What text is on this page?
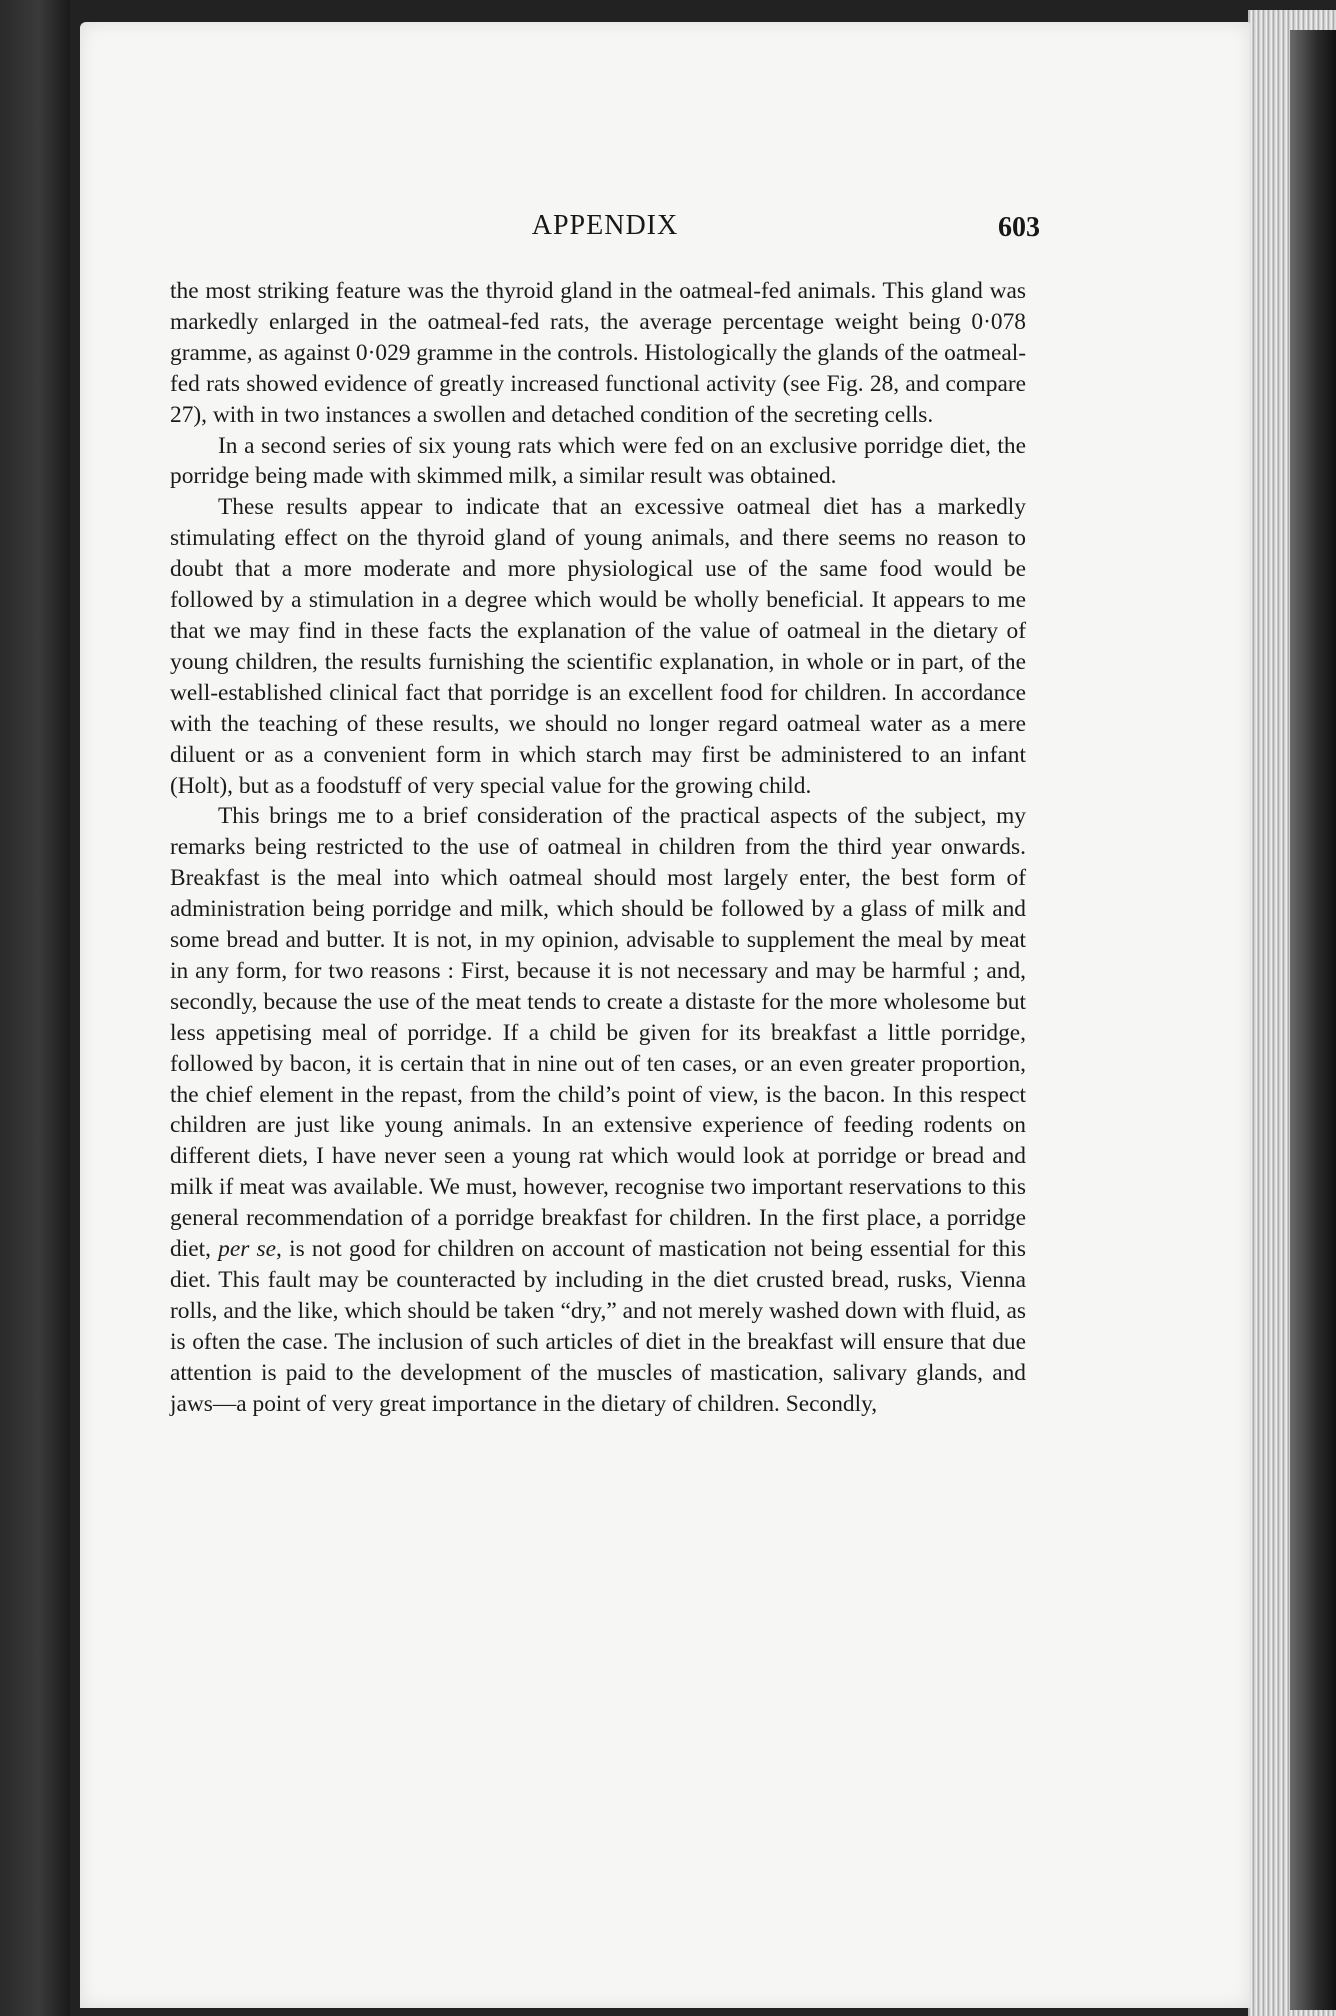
APPENDIX	603

the most striking feature was the thyroid gland in the oatmeal-fed animals. This gland was markedly enlarged in the oatmeal-fed rats, the average percentage weight being 0·078 gramme, as against 0·029 gramme in the controls. Histologically the glands of the oatmeal-fed rats showed evidence of greatly increased functional activity (see Fig. 28, and compare 27), with in two instances a swollen and detached condition of the secreting cells.

In a second series of six young rats which were fed on an exclusive porridge diet, the porridge being made with skimmed milk, a similar result was obtained.

These results appear to indicate that an excessive oatmeal diet has a markedly stimulating effect on the thyroid gland of young animals, and there seems no reason to doubt that a more moderate and more physiological use of the same food would be followed by a stimulation in a degree which would be wholly beneficial. It appears to me that we may find in these facts the explanation of the value of oatmeal in the dietary of young children, the results furnishing the scientific explanation, in whole or in part, of the well-established clinical fact that porridge is an excellent food for children. In accordance with the teaching of these results, we should no longer regard oatmeal water as a mere diluent or as a convenient form in which starch may first be administered to an infant (Holt), but as a foodstuff of very special value for the growing child.

This brings me to a brief consideration of the practical aspects of the subject, my remarks being restricted to the use of oatmeal in children from the third year onwards. Breakfast is the meal into which oatmeal should most largely enter, the best form of administration being porridge and milk, which should be followed by a glass of milk and some bread and butter. It is not, in my opinion, advisable to supplement the meal by meat in any form, for two reasons : First, because it is not necessary and may be harmful ; and, secondly, because the use of the meat tends to create a distaste for the more wholesome but less appetising meal of porridge. If a child be given for its breakfast a little porridge, followed by bacon, it is certain that in nine out of ten cases, or an even greater proportion, the chief element in the repast, from the child’s point of view, is the bacon. In this respect children are just like young animals. In an extensive experience of feeding rodents on different diets, I have never seen a young rat which would look at porridge or bread and milk if meat was available. We must, however, recognise two important reservations to this general recommendation of a porridge breakfast for children. In the first place, a porridge diet, per se, is not good for children on account of mastication not being essential for this diet. This fault may be counteracted by including in the diet crusted bread, rusks, Vienna rolls, and the like, which should be taken “dry,” and not merely washed down with fluid, as is often the case. The inclusion of such articles of diet in the breakfast will ensure that due attention is paid to the development of the muscles of mastication, salivary glands, and jaws—a point of very great importance in the dietary of children. Secondly,
